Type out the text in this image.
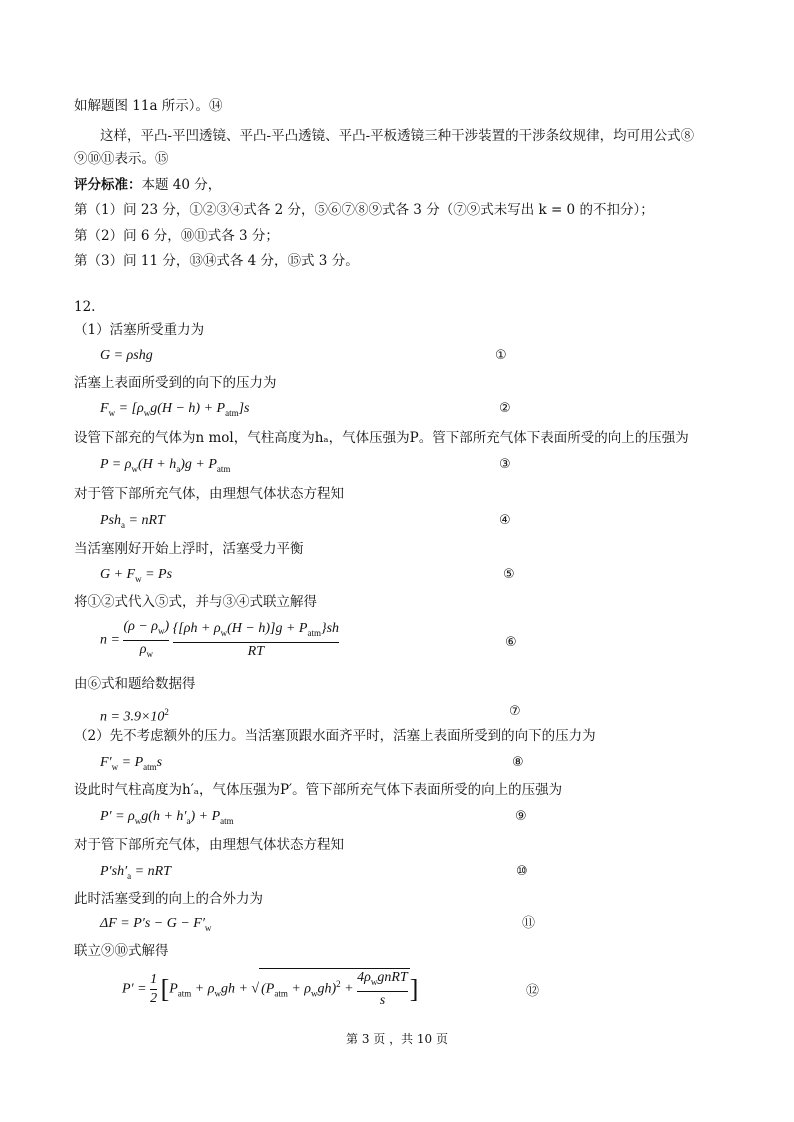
如解题图 11a 所示）。⑭
这样，平凸-平凹透镜、平凸-平凸透镜、平凸-平板透镜三种干涉装置的干涉条纹规律，均可用公式⑧
⑨⑩⑪表示。⑮
评分标准：本题 40 分，
第（1）问 23 分，①②③④式各 2 分，⑤⑥⑦⑧⑨式各 3 分（⑦⑨式未写出 k = 0 的不扣分）；
第（2）问 6 分，⑩⑪式各 3 分；
第（3）问 11 分，⑬⑭式各 4 分，⑮式 3 分。
12.
（1）活塞所受重力为
G = ρshg	①
活塞上表面所受到的向下的压力为
$F_w = [\rho_wg(H - h) + P_{atm}]s$	②
设管下部充的气体为n mol，气柱高度为hₐ，气体压强为P。管下部所充气体下表面所受的向上的压强为
$P = \rho_w(H + h_a)g + P_{atm}$	③
对于管下部所充气体，由理想气体状态方程知
Psh$_a$ = nRT	④
当活塞刚好开始上浮时，活塞受力平衡
$G + F_w = Ps$	⑤
将①②式代入⑤式，并与③④式联立解得
$n = \frac{(\rho - \rho_w)}{\rho_w}$
$\frac{\{[\rho h + \rho_w(H - h)]g + P_{atm}\}sh}{RT}$	⑥
由⑥式和题给数据得
$n = 3.9\times 10^2$	⑦
（2）先不考虑额外的压力。当活塞顶跟水面齐平时，活塞上表面所受到的向下的压力为
$F'_w = P_{atm}s$	⑧
设此时气柱高度为h′ₐ，气体压强为P′。管下部所充气体下表面所受的向上的压强为
$P' = \rho_wg(h + h'_a) + P_{atm}$	⑨
对于管下部所充气体，由理想气体状态方程知
$P'sh'_a$ = nRT	⑩
此时活塞受到的向上的合外力为
$\Delta F = P's - G - F'_w$	⑪
联立⑨⑩式解得
$P' = \frac{1}{2} [P_{atm} + \rho_wgh$ + √ $(P_{atm} + \rho_wgh)^2 + \frac{4\rho_wgnRT}{s}$ ]	⑫
第 3 页 ，共 10 页
